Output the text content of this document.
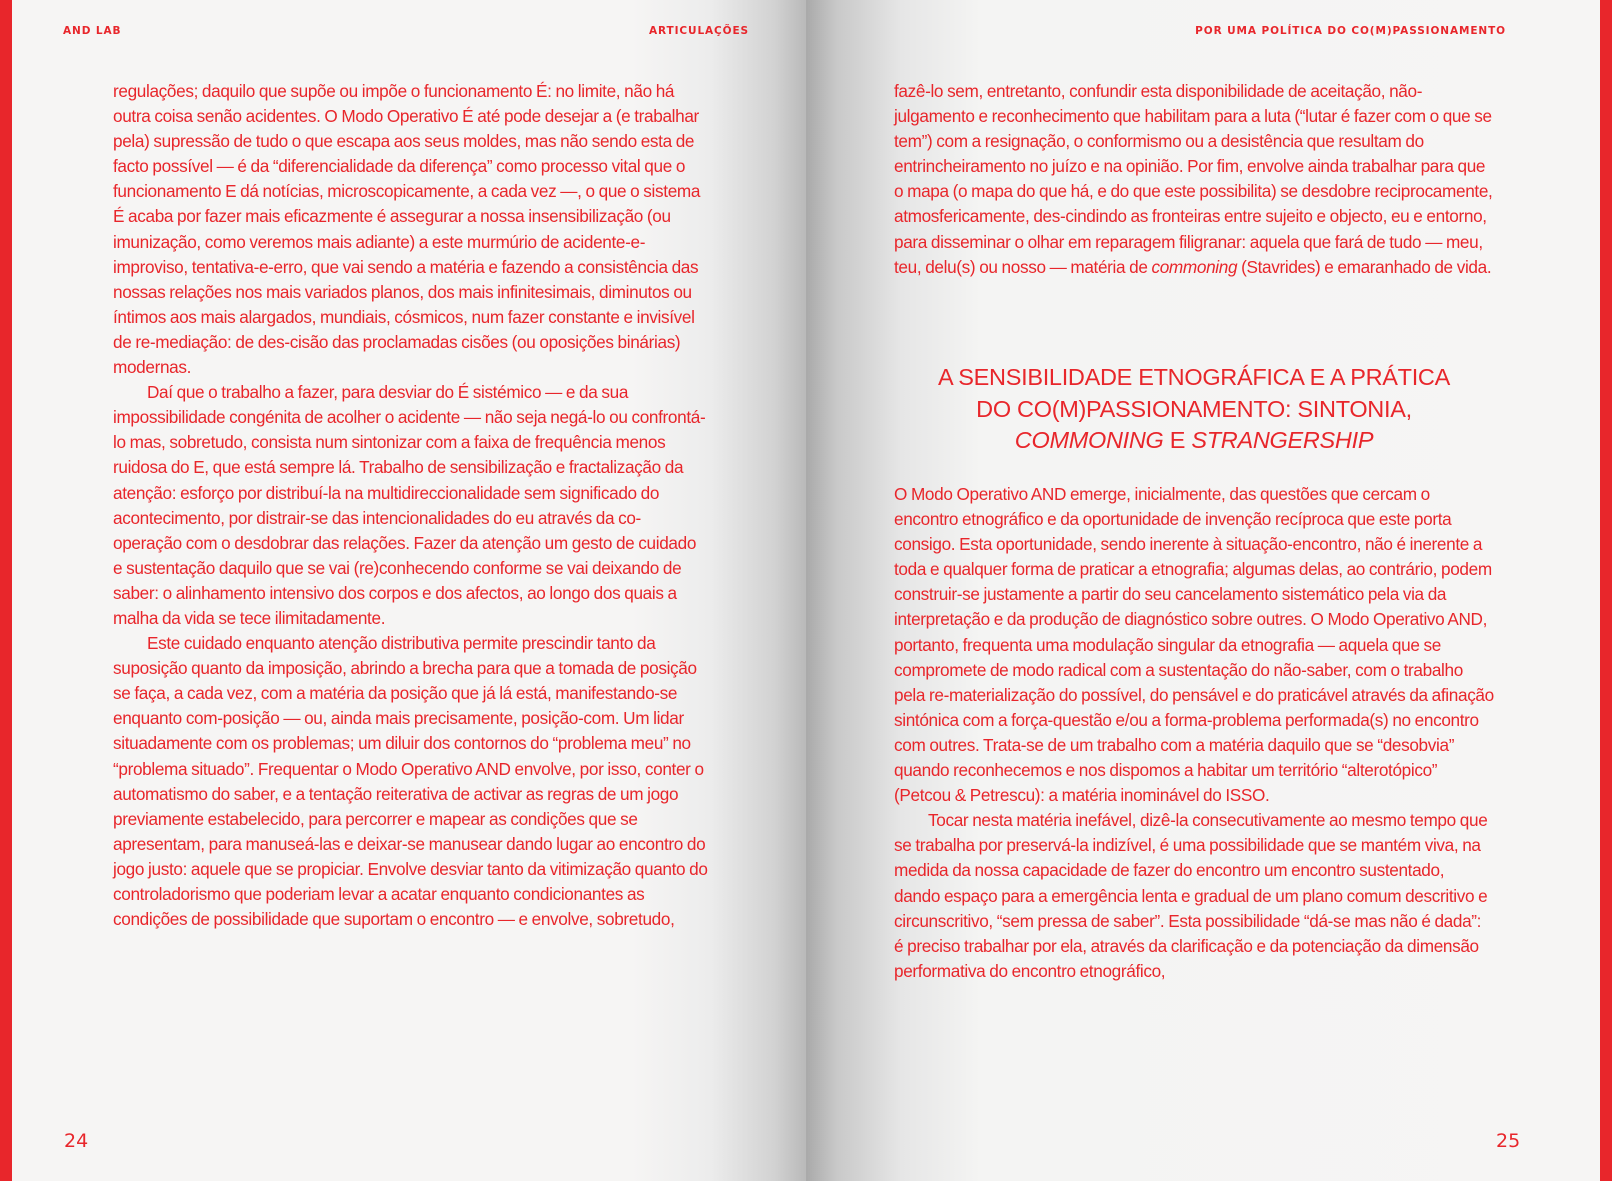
AND LAB	ARTICULAÇÕES

regulações; daquilo que supõe ou impõe o funcionamento É: no limite, não há outra coisa senão acidentes. O Modo Operativo É até pode desejar a (e trabalhar pela) supressão de tudo o que escapa aos seus moldes, mas não sendo esta de facto possível — é da “diferencialidade da diferença” como processo vital que o funcionamento E dá notícias, microscopicamente, a cada vez —, o que o sistema É acaba por fazer mais eficazmente é assegurar a nossa insensibilização (ou imunização, como veremos mais adiante) a este murmúrio de acidente-e-improviso, tentativa-e-erro, que vai sendo a matéria e fazendo a consistência das nossas relações nos mais variados planos, dos mais infinitesimais, diminutos ou íntimos aos mais alargados, mundiais, cósmicos, num fazer constante e invisível de re-mediação: de des-cisão das proclamadas cisões (ou oposições binárias) modernas.

Daí que o trabalho a fazer, para desviar do É sistémico — e da sua impossibilidade congénita de acolher o acidente — não seja negá-lo ou confrontá-lo mas, sobretudo, consista num sintonizar com a faixa de frequência menos ruidosa do E, que está sempre lá. Trabalho de sensibilização e fractalização da atenção: esforço por distribuí-la na multidireccionalidade sem significado do acontecimento, por distrair-se das intencionalidades do eu através da co-operação com o desdobrar das relações. Fazer da atenção um gesto de cuidado e sustentação daquilo que se vai (re)conhecendo conforme se vai deixando de saber: o alinhamento intensivo dos corpos e dos afectos, ao longo dos quais a malha da vida se tece ilimitadamente.

Este cuidado enquanto atenção distributiva permite prescindir tanto da suposição quanto da imposição, abrindo a brecha para que a tomada de posição se faça, a cada vez, com a matéria da posição que já lá está, manifestando-se enquanto com-posição — ou, ainda mais precisamente, posição-com. Um lidar situadamente com os problemas; um diluir dos contornos do “problema meu” no “problema situado”. Frequentar o Modo Operativo AND envolve, por isso, conter o automatismo do saber, e a tentação reiterativa de activar as regras de um jogo previamente estabelecido, para percorrer e mapear as condições que se apresentam, para manuseá-las e deixar-se manusear dando lugar ao encontro do jogo justo: aquele que se propiciar. Envolve desviar tanto da vitimização quanto do controladorismo que poderiam levar a acatar enquanto condicionantes as condições de possibilidade que suportam o encontro — e envolve, sobretudo,

24
POR UMA POLÍTICA DO CO(M)PASSIONAMENTO

fazê-lo sem, entretanto, confundir esta disponibilidade de aceitação, não-julgamento e reconhecimento que habilitam para a luta (“lutar é fazer com o que se tem”) com a resignação, o conformismo ou a desistência que resultam do entrincheiramento no juízo e na opinião. Por fim, envolve ainda trabalhar para que o mapa (o mapa do que há, e do que este possibilita) se desdobre reciprocamente, atmosfericamente, des-cindindo as fronteiras entre sujeito e objecto, eu e entorno, para disseminar o olhar em reparagem filigranar: aquela que fará de tudo — meu, teu, delu(s) ou nosso — matéria de commoning (Stavrides) e emaranhado de vida.

A SENSIBILIDADE ETNOGRÁFICA E A PRÁTICA
DO CO(M)PASSIONAMENTO: SINTONIA,
COMMONING E STRANGERSHIP

O Modo Operativo AND emerge, inicialmente, das questões que cercam o encontro etnográfico e da oportunidade de invenção recíproca que este porta consigo. Esta oportunidade, sendo inerente à situação-encontro, não é inerente a toda e qualquer forma de praticar a etnografia; algumas delas, ao contrário, podem construir-se justamente a partir do seu cancelamento sistemático pela via da interpretação e da produção de diagnóstico sobre outres. O Modo Operativo AND, portanto, frequenta uma modulação singular da etnografia — aquela que se compromete de modo radical com a sustentação do não-saber, com o trabalho pela re-materialização do possível, do pensável e do praticável através da afinação sintónica com a força-questão e/ou a forma-problema performada(s) no encontro com outres. Trata-se de um trabalho com a matéria daquilo que se “desobvia” quando reconhecemos e nos dispomos a habitar um território “alterotópico” (Petcou & Petrescu): a matéria inominável do ISSO.

Tocar nesta matéria inefável, dizê-la consecutivamente ao mesmo tempo que se trabalha por preservá-la indizível, é uma possibilidade que se mantém viva, na medida da nossa capacidade de fazer do encontro um encontro sustentado, dando espaço para a emergência lenta e gradual de um plano comum descritivo e circunscritivo, “sem pressa de saber”. Esta possibilidade “dá-se mas não é dada”: é preciso trabalhar por ela, através da clarificação e da potenciação da dimensão performativa do encontro etnográfico,

25
